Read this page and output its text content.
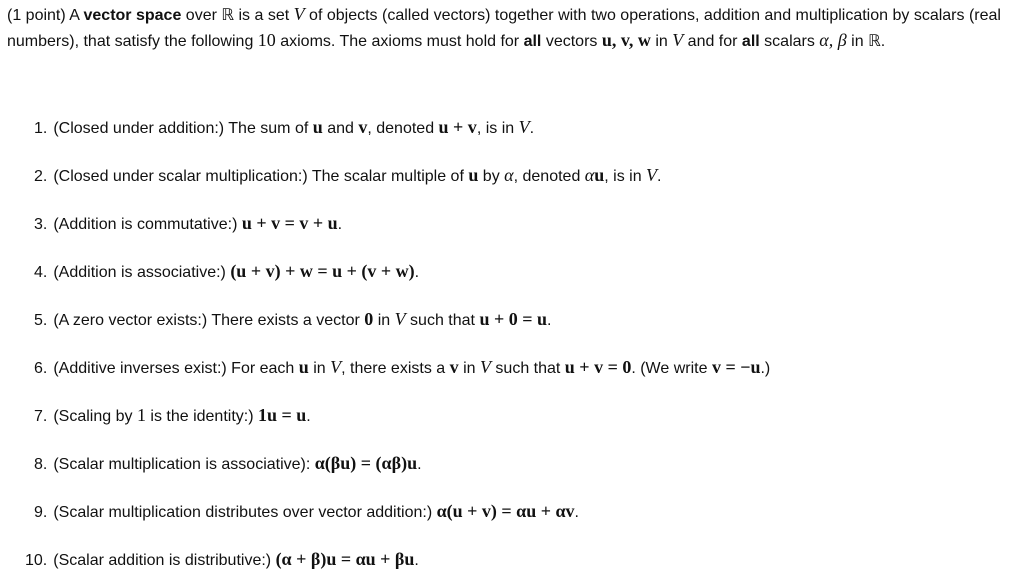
(1 point) A vector space over ℝ is a set V of objects (called vectors) together with two operations, addition and multiplication by scalars (real numbers), that satisfy the following 10 axioms. The axioms must hold for all vectors u, v, w in V and for all scalars α, β in ℝ.

1. (Closed under addition:) The sum of u and v, denoted u + v, is in V.
2. (Closed under scalar multiplication:) The scalar multiple of u by α, denoted αu, is in V.
3. (Addition is commutative:) u + v = v + u.
4. (Addition is associative:) (u + v) + w = u + (v + w).
5. (A zero vector exists:) There exists a vector 0 in V such that u + 0 = u.
6. (Additive inverses exist:) For each u in V, there exists a v in V such that u + v = 0. (We write v = −u.)
7. (Scaling by 1 is the identity:) 1u = u.
8. (Scalar multiplication is associative): α(βu) = (αβ)u.
9. (Scalar multiplication distributes over vector addition:) α(u + v) = αu + αv.
10. (Scalar addition is distributive:) (α + β)u = αu + βu.
